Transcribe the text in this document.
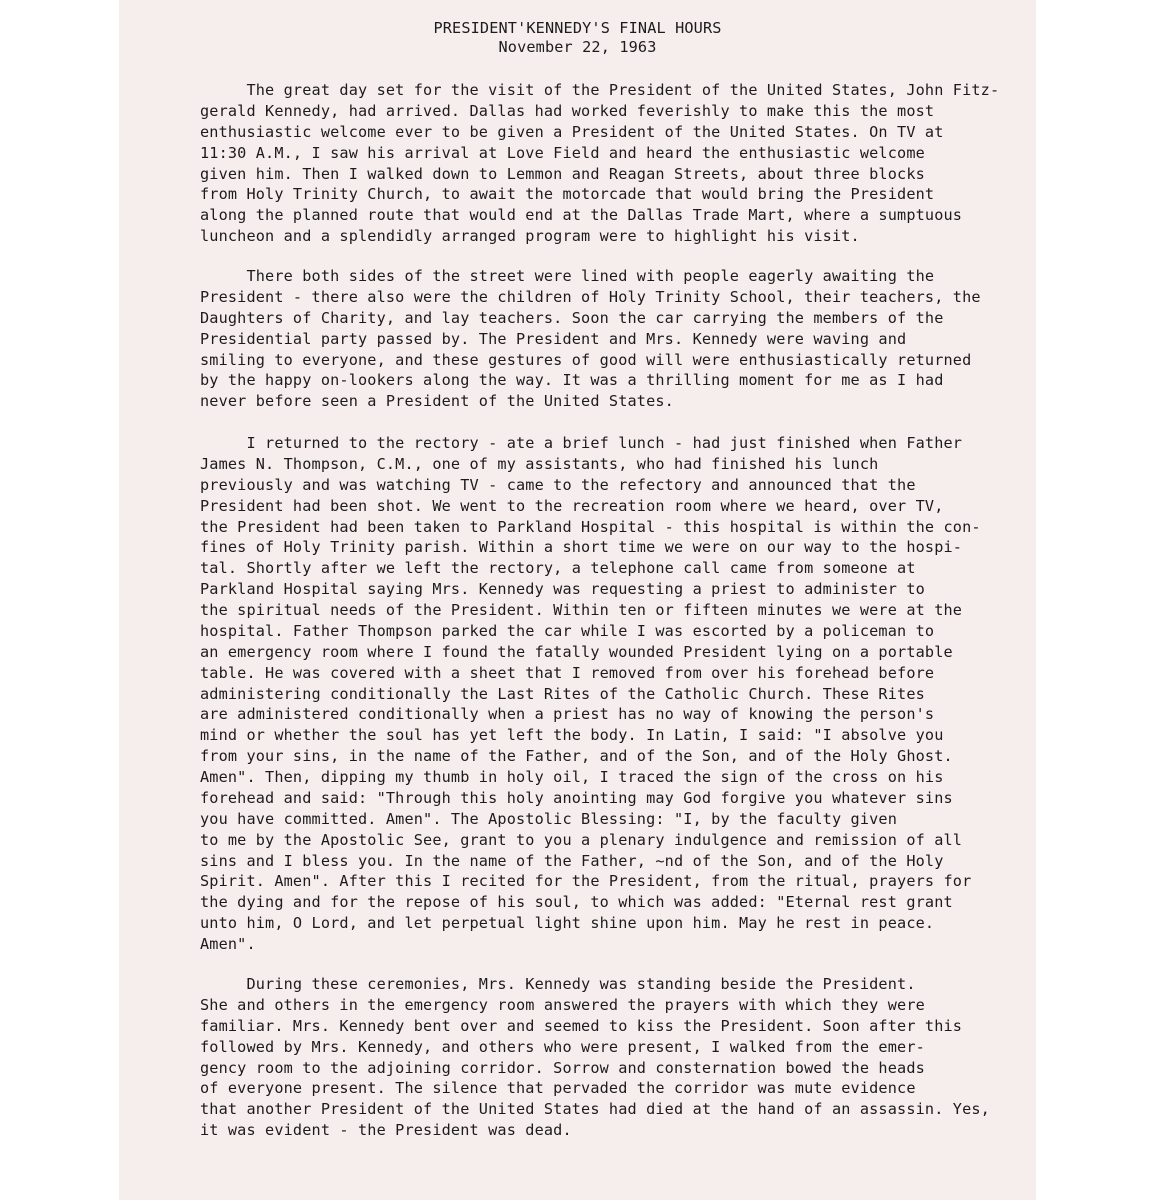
PRESIDENT'KENNEDY'S FINAL HOURS
November 22, 1963

The great day set for the visit of the President of the United States, John Fitz-
gerald Kennedy, had arrived. Dallas had worked feverishly to make this the most
enthusiastic welcome ever to be given a President of the United States. On TV at
11:30 A.M., I saw his arrival at Love Field and heard the enthusiastic welcome
given him. Then I walked down to Lemmon and Reagan Streets, about three blocks
from Holy Trinity Church, to await the motorcade that would bring the President
along the planned route that would end at the Dallas Trade Mart, where a sumptuous
luncheon and a splendidly arranged program were to highlight his visit.

There both sides of the street were lined with people eagerly awaiting the
President - there also were the children of Holy Trinity School, their teachers, the
Daughters of Charity, and lay teachers. Soon the car carrying the members of the
Presidential party passed by. The President and Mrs. Kennedy were waving and
smiling to everyone, and these gestures of good will were enthusiastically returned
by the happy on-lookers along the way. It was a thrilling moment for me as I had
never before seen a President of the United States.

I returned to the rectory - ate a brief lunch - had just finished when Father
James N. Thompson, C.M., one of my assistants, who had finished his lunch
previously and was watching TV - came to the refectory and announced that the
President had been shot. We went to the recreation room where we heard, over TV,
the President had been taken to Parkland Hospital - this hospital is within the con-
fines of Holy Trinity parish. Within a short time we were on our way to the hospi-
tal. Shortly after we left the rectory, a telephone call came from someone at
Parkland Hospital saying Mrs. Kennedy was requesting a priest to administer to
the spiritual needs of the President. Within ten or fifteen minutes we were at the
hospital. Father Thompson parked the car while I was escorted by a policeman to
an emergency room where I found the fatally wounded President lying on a portable
table. He was covered with a sheet that I removed from over his forehead before
administering conditionally the Last Rites of the Catholic Church. These Rites
are administered conditionally when a priest has no way of knowing the person's
mind or whether the soul has yet left the body. In Latin, I said: "I absolve you
from your sins, in the name of the Father, and of the Son, and of the Holy Ghost.
Amen". Then, dipping my thumb in holy oil, I traced the sign of the cross on his
forehead and said: "Through this holy anointing may God forgive you whatever sins
you have committed. Amen". The Apostolic Blessing: "I, by the faculty given
to me by the Apostolic See, grant to you a plenary indulgence and remission of all
sins and I bless you. In the name of the Father, ~nd of the Son, and of the Holy
Spirit. Amen". After this I recited for the President, from the ritual, prayers for
the dying and for the repose of his soul, to which was added: "Eternal rest grant
unto him, O Lord, and let perpetual light shine upon him. May he rest in peace.
Amen".

During these ceremonies, Mrs. Kennedy was standing beside the President.
She and others in the emergency room answered the prayers with which they were
familiar. Mrs. Kennedy bent over and seemed to kiss the President. Soon after this
followed by Mrs. Kennedy, and others who were present, I walked from the emer-
gency room to the adjoining corridor. Sorrow and consternation bowed the heads
of everyone present. The silence that pervaded the corridor was mute evidence
that another President of the United States had died at the hand of an assassin. Yes,
it was evident - the President was dead.
